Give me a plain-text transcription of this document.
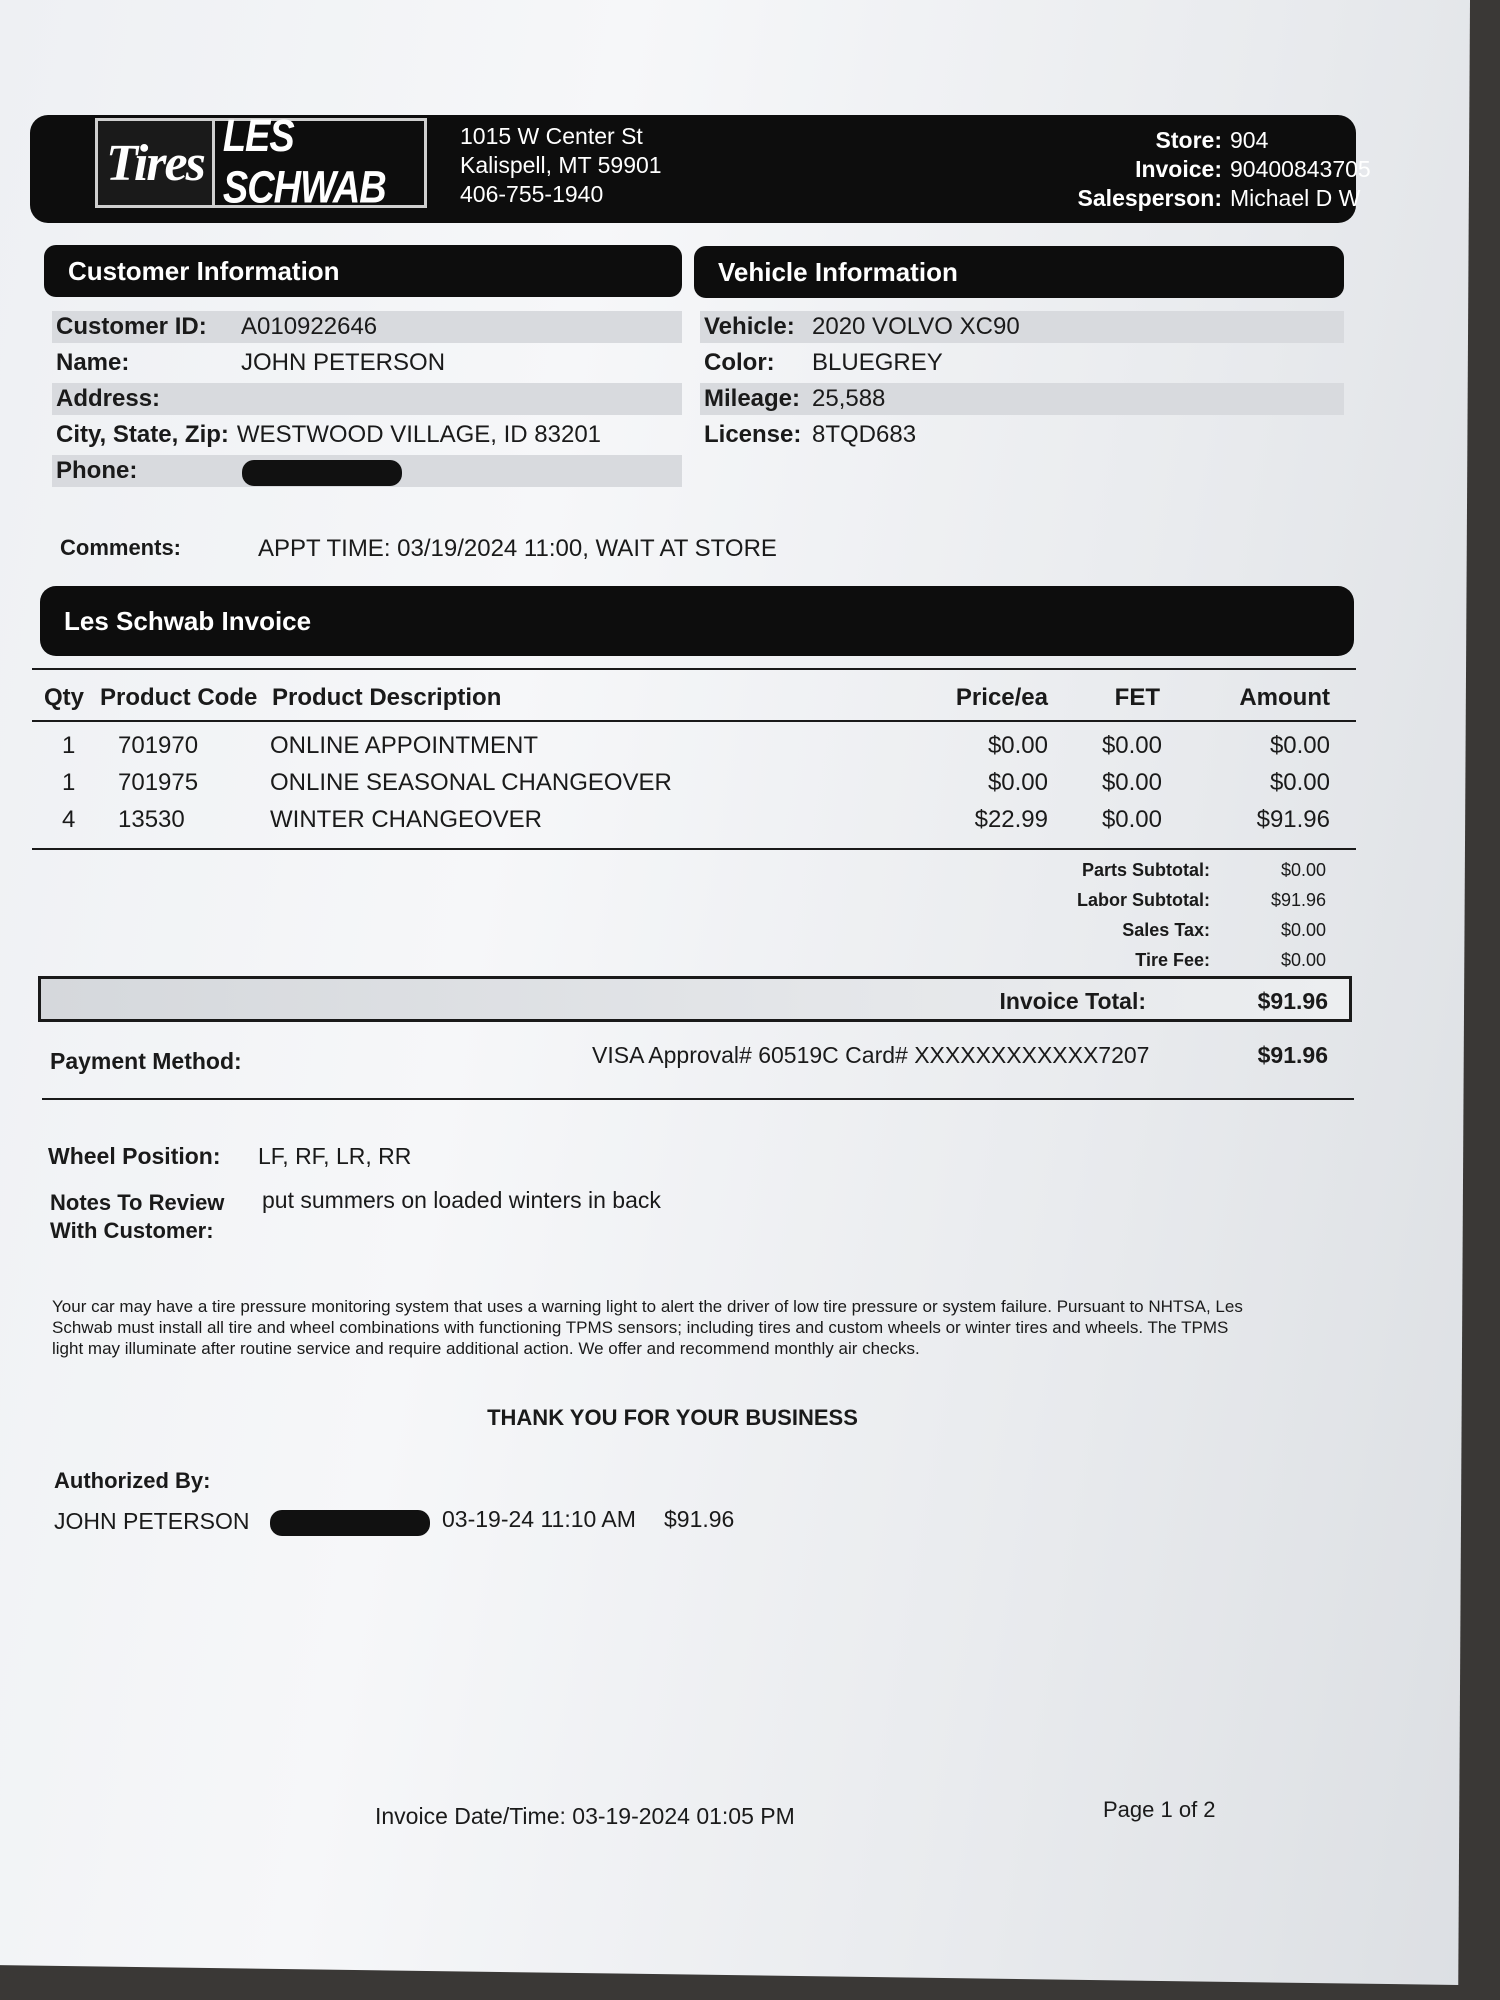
Tires LES SCHWAB
1015 W Center St
Kalispell, MT 59901
406-755-1940
Store: 904
Invoice: 90400843705
Salesperson: Michael D W
Customer Information	Vehicle Information
Customer ID:	A010922646
Name:	JOHN PETERSON
Address:
City, State, Zip: WESTWOOD VILLAGE, ID 83201
Phone:
Vehicle: 2020 VOLVO XC90
Color:	BLUEGREY
Mileage: 25,588
License: 8TQD683
Comments:	APPT TIME: 03/19/2024 11:00, WAIT AT STORE
Les Schwab Invoice
Qty Product Code Product Description	Price/ea	FET	Amount
1 701970	ONLINE APPOINTMENT	$0.00	$0.00	$0.00
1 701975	ONLINE SEASONAL CHANGEOVER	$0.00	$0.00	$0.00
4 13530	WINTER CHANGEOVER	$22.99	$0.00	$91.96
Parts Subtotal:	$0.00
Labor Subtotal:	$91.96
Sales Tax:	$0.00
Tire Fee:	$0.00
Invoice Total:	$91.96
Payment Method:	VISA Approval# 60519C Card# XXXXXXXXXXXX7207	$91.96
Wheel Position: LF, RF, LR, RR
Notes To Review
With Customer:
put summers on loaded winters in back
Your car may have a tire pressure monitoring system that uses a warning light to alert the driver of low tire pressure or system failure. Pursuant to NHTSA, Les Schwab must install all tire and wheel combinations with functioning TPMS sensors; including tires and custom wheels or winter tires and wheels. The TPMS light may illuminate after routine service and require additional action. We offer and recommend monthly air checks.
THANK YOU FOR YOUR BUSINESS
Authorized By:
JOHN PETERSON	03-19-24 11:10 AM $91.96
Invoice Date/Time: 03-19-2024 01:05 PM	Page 1 of 2
